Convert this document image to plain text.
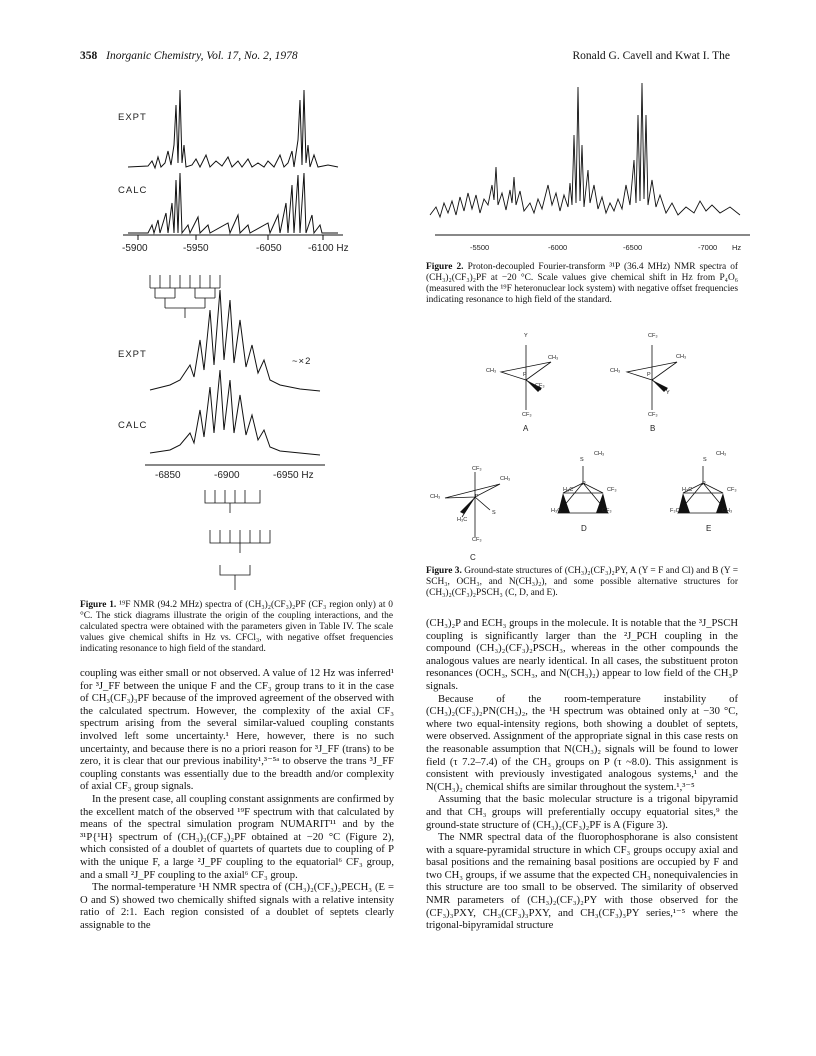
358 Inorganic Chemistry, Vol. 17, No. 2, 1978	Ronald G. Cavell and Kwat I. The
EXPT
CALC
-5900	-5950	-6050	-6100 Hz
EXPT
~×2
CALC
-6850	-6900	-6950 Hz
Figure 1. ¹⁹F NMR (94.2 MHz) spectra of (CH₃)₂(CF₃)₂PF (CF₃ region only) at 0 °C. The stick diagrams illustrate the origin of the coupling interactions, and the calculated spectra were obtained with the parameters given in Table IV. The scale values give chemical shifts in Hz vs. CFCl₃, with negative offset frequencies indicating resonance to high field of the standard.
-5500	-6000	-6500	-7000 Hz
Figure 2. Proton-decoupled Fourier-transform ³¹P (36.4 MHz) NMR spectra of (CH₃)₂(CF₃)₂PF at −20 °C. Scale values give chemical shift in Hz from P₄O₆ (measured with the ¹⁹F heteronuclear lock system) with negative offset frequencies indicating resonance to high field of the standard.
Y
CH₃
CH₃
CF₃
CF₃
P
A
CF₃
CH₃
CH₃
Y
CF₃
P
B
CF₃
CH₃
CH₃
S
H₃C
CF₃
P
C
S
CH₃
H₃C	CF₃
H₃C	CF₃
P
D
S
CH₃
H₃C	CF₃
F₃C	CH₃
P
E
Figure 3. Ground-state structures of (CH₃)₂(CF₃)₂PY, A (Y = F and Cl) and B (Y = SCH₃, OCH₃, and N(CH₃)₂), and some possible alternative structures for (CH₃)₂(CF₃)₂PSCH₃ (C, D, and E).

coupling was either small or not observed. A value of 12 Hz was inferred¹ for ³J_FF between the unique F and the CF₃ group trans to it in the case of CH₃(CF₃)₃PF because of the improved agreement of the observed with the calculated spectrum. However, the complexity of the axial CF₃ spectrum arising from the several similar-valued coupling constants involved left some uncertainty.¹ Here, however, there is no such uncertainty, and because there is no a priori reason for ³J_FF (trans) to be zero, it is clear that our previous inability¹,³⁻⁵ᵃ to observe the trans ³J_FF coupling constants was essentially due to the breadth and/or complexity of axial CF₃ group signals.

In the present case, all coupling constant assignments are confirmed by the excellent match of the observed ¹⁹F spectrum with that calculated by means of the spectral simulation program NUMARIT¹¹ and by the ³¹P{¹H} spectrum of (CH₃)₂(CF₃)₂PF obtained at −20 °C (Figure 2), which consisted of a doublet of quartets of quartets due to coupling of P with the unique F, a large ²J_PF coupling to the equatorial⁶ CF₃ group, and a small ²J_PF coupling to the axial⁶ CF₃ group.

The normal-temperature ¹H NMR spectra of (CH₃)₂(CF₃)₂PECH₃ (E = O and S) showed two chemically shifted signals with a relative intensity ratio of 2:1. Each region consisted of a doublet of septets clearly assignable to the

(CH₃)₂P and ECH₃ groups in the molecule. It is notable that the ³J_PSCH coupling is significantly larger than the ²J_PCH coupling in the compound (CH₃)₂(CF₃)₂PSCH₃, whereas in the other compounds the analogous values are nearly identical. In all cases, the substituent proton resonances (OCH₃, SCH₃, and N(CH₃)₂) appear to low field of the CH₃P signals.

Because of the room-temperature instability of (CH₃)₂(CF₃)₂PN(CH₃)₂, the ¹H spectrum was obtained only at −30 °C, where two equal-intensity regions, both showing a doublet of septets, were observed. Assignment of the appropriate signal in this case rests on the reasonable assumption that N(CH₃)₂ signals will be found to lower field (τ 7.2–7.4) of the CH₃ groups on P (τ ~8.0). This assignment is consistent with previously investigated analogous systems,¹ and the N(CH₃)₂ chemical shifts are similar throughout the system.¹,³⁻⁵

Assuming that the basic molecular structure is a trigonal bipyramid and that CH₃ groups will preferentially occupy equatorial sites,⁹ the ground-state structure of (CH₃)₂(CF₃)₂PF is A (Figure 3).

The NMR spectral data of the fluorophosphorane is also consistent with a square-pyramidal structure in which CF₃ groups occupy axial and basal positions and the remaining basal positions are occupied by F and two CH₃ groups, if we assume that the expected CH₃ nonequivalencies in this structure are too small to be observed. The similarity of observed NMR parameters of (CH₃)₂(CF₃)₂PY with those observed for the (CF₃)₃PXY, CH₃(CF₃)₃PXY, and CH₃(CF₃)₃PY series,¹⁻⁵ where the trigonal-bipyramidal structure
